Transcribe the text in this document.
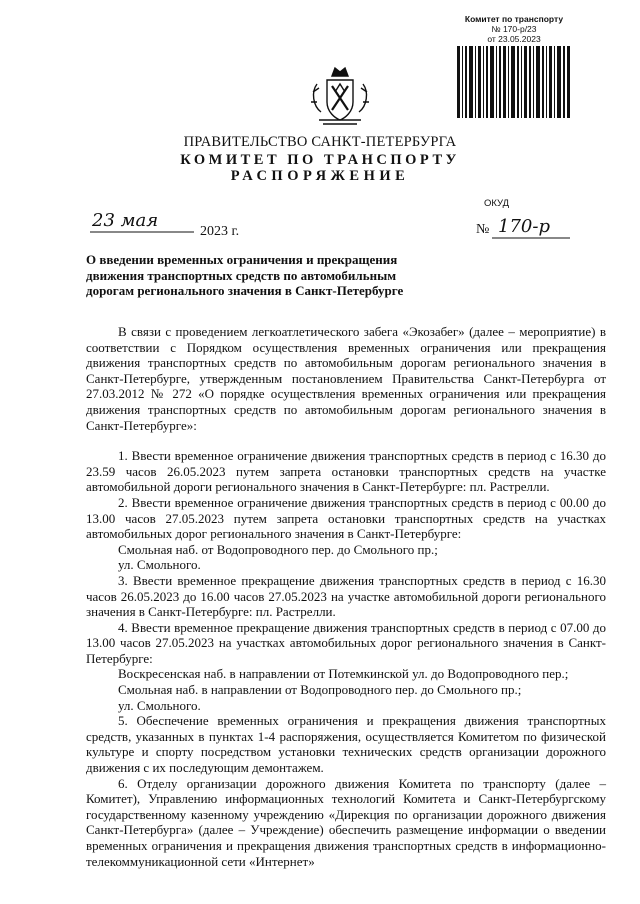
Комитет по транспорту
№ 170-р/23
от 23.05.2023
ПРАВИТЕЛЬСТВО САНКТ-ПЕТЕРБУРГА
КОМИТЕТ ПО ТРАНСПОРТУ
РАСПОРЯЖЕНИЕ
ОКУД
23 мая
2023 г.	№ 170-р
О введении временных ограничения и прекращения движения транспортных средств по автомобильным дорогам регионального значения в Санкт-Петербурге

В связи с проведением легкоатлетического забега «Экозабег» (далее – мероприятие) в соответствии с Порядком осуществления временных ограничения или прекращения движения транспортных средств по автомобильным дорогам регионального значения в Санкт-Петербурге, утвержденным постановлением Правительства Санкт-Петербурга от 27.03.2012 № 272 «О порядке осуществления временных ограничения или прекращения движения транспортных средств по автомобильным дорогам регионального значения в Санкт-Петербурге»:

1. Ввести временное ограничение движения транспортных средств в период с 16.30 до 23.59 часов 26.05.2023 путем запрета остановки транспортных средств на участке автомобильной дороги регионального значения в Санкт-Петербурге: пл. Растрелли.

2. Ввести временное ограничение движения транспортных средств в период с 00.00 до 13.00 часов 27.05.2023 путем запрета остановки транспортных средств на участках автомобильных дорог регионального значения в Санкт-Петербурге:

Смольная наб. от Водопроводного пер. до Смольного пр.;

ул. Смольного.

3. Ввести временное прекращение движения транспортных средств в период с 16.30 часов 26.05.2023 до 16.00 часов 27.05.2023 на участке автомобильной дороги регионального значения в Санкт-Петербурге: пл. Растрелли.

4. Ввести временное прекращение движения транспортных средств в период с 07.00 до 13.00 часов 27.05.2023 на участках автомобильных дорог регионального значения в Санкт-Петербурге:

Воскресенская наб. в направлении от Потемкинской ул. до Водопроводного пер.;

Смольная наб. в направлении от Водопроводного пер. до Смольного пр.;

ул. Смольного.

5. Обеспечение временных ограничения и прекращения движения транспортных средств, указанных в пунктах 1-4 распоряжения, осуществляется Комитетом по физической культуре и спорту посредством установки технических средств организации дорожного движения с их последующим демонтажем.

6. Отделу организации дорожного движения Комитета по транспорту (далее – Комитет), Управлению информационных технологий Комитета и Санкт-Петербургскому государственному казенному учреждению «Дирекция по организации дорожного движения Санкт-Петербурга» (далее – Учреждение) обеспечить размещение информации о введении временных ограничения и прекращения движения транспортных средств в информационно-телекоммуникационной сети «Интернет»
